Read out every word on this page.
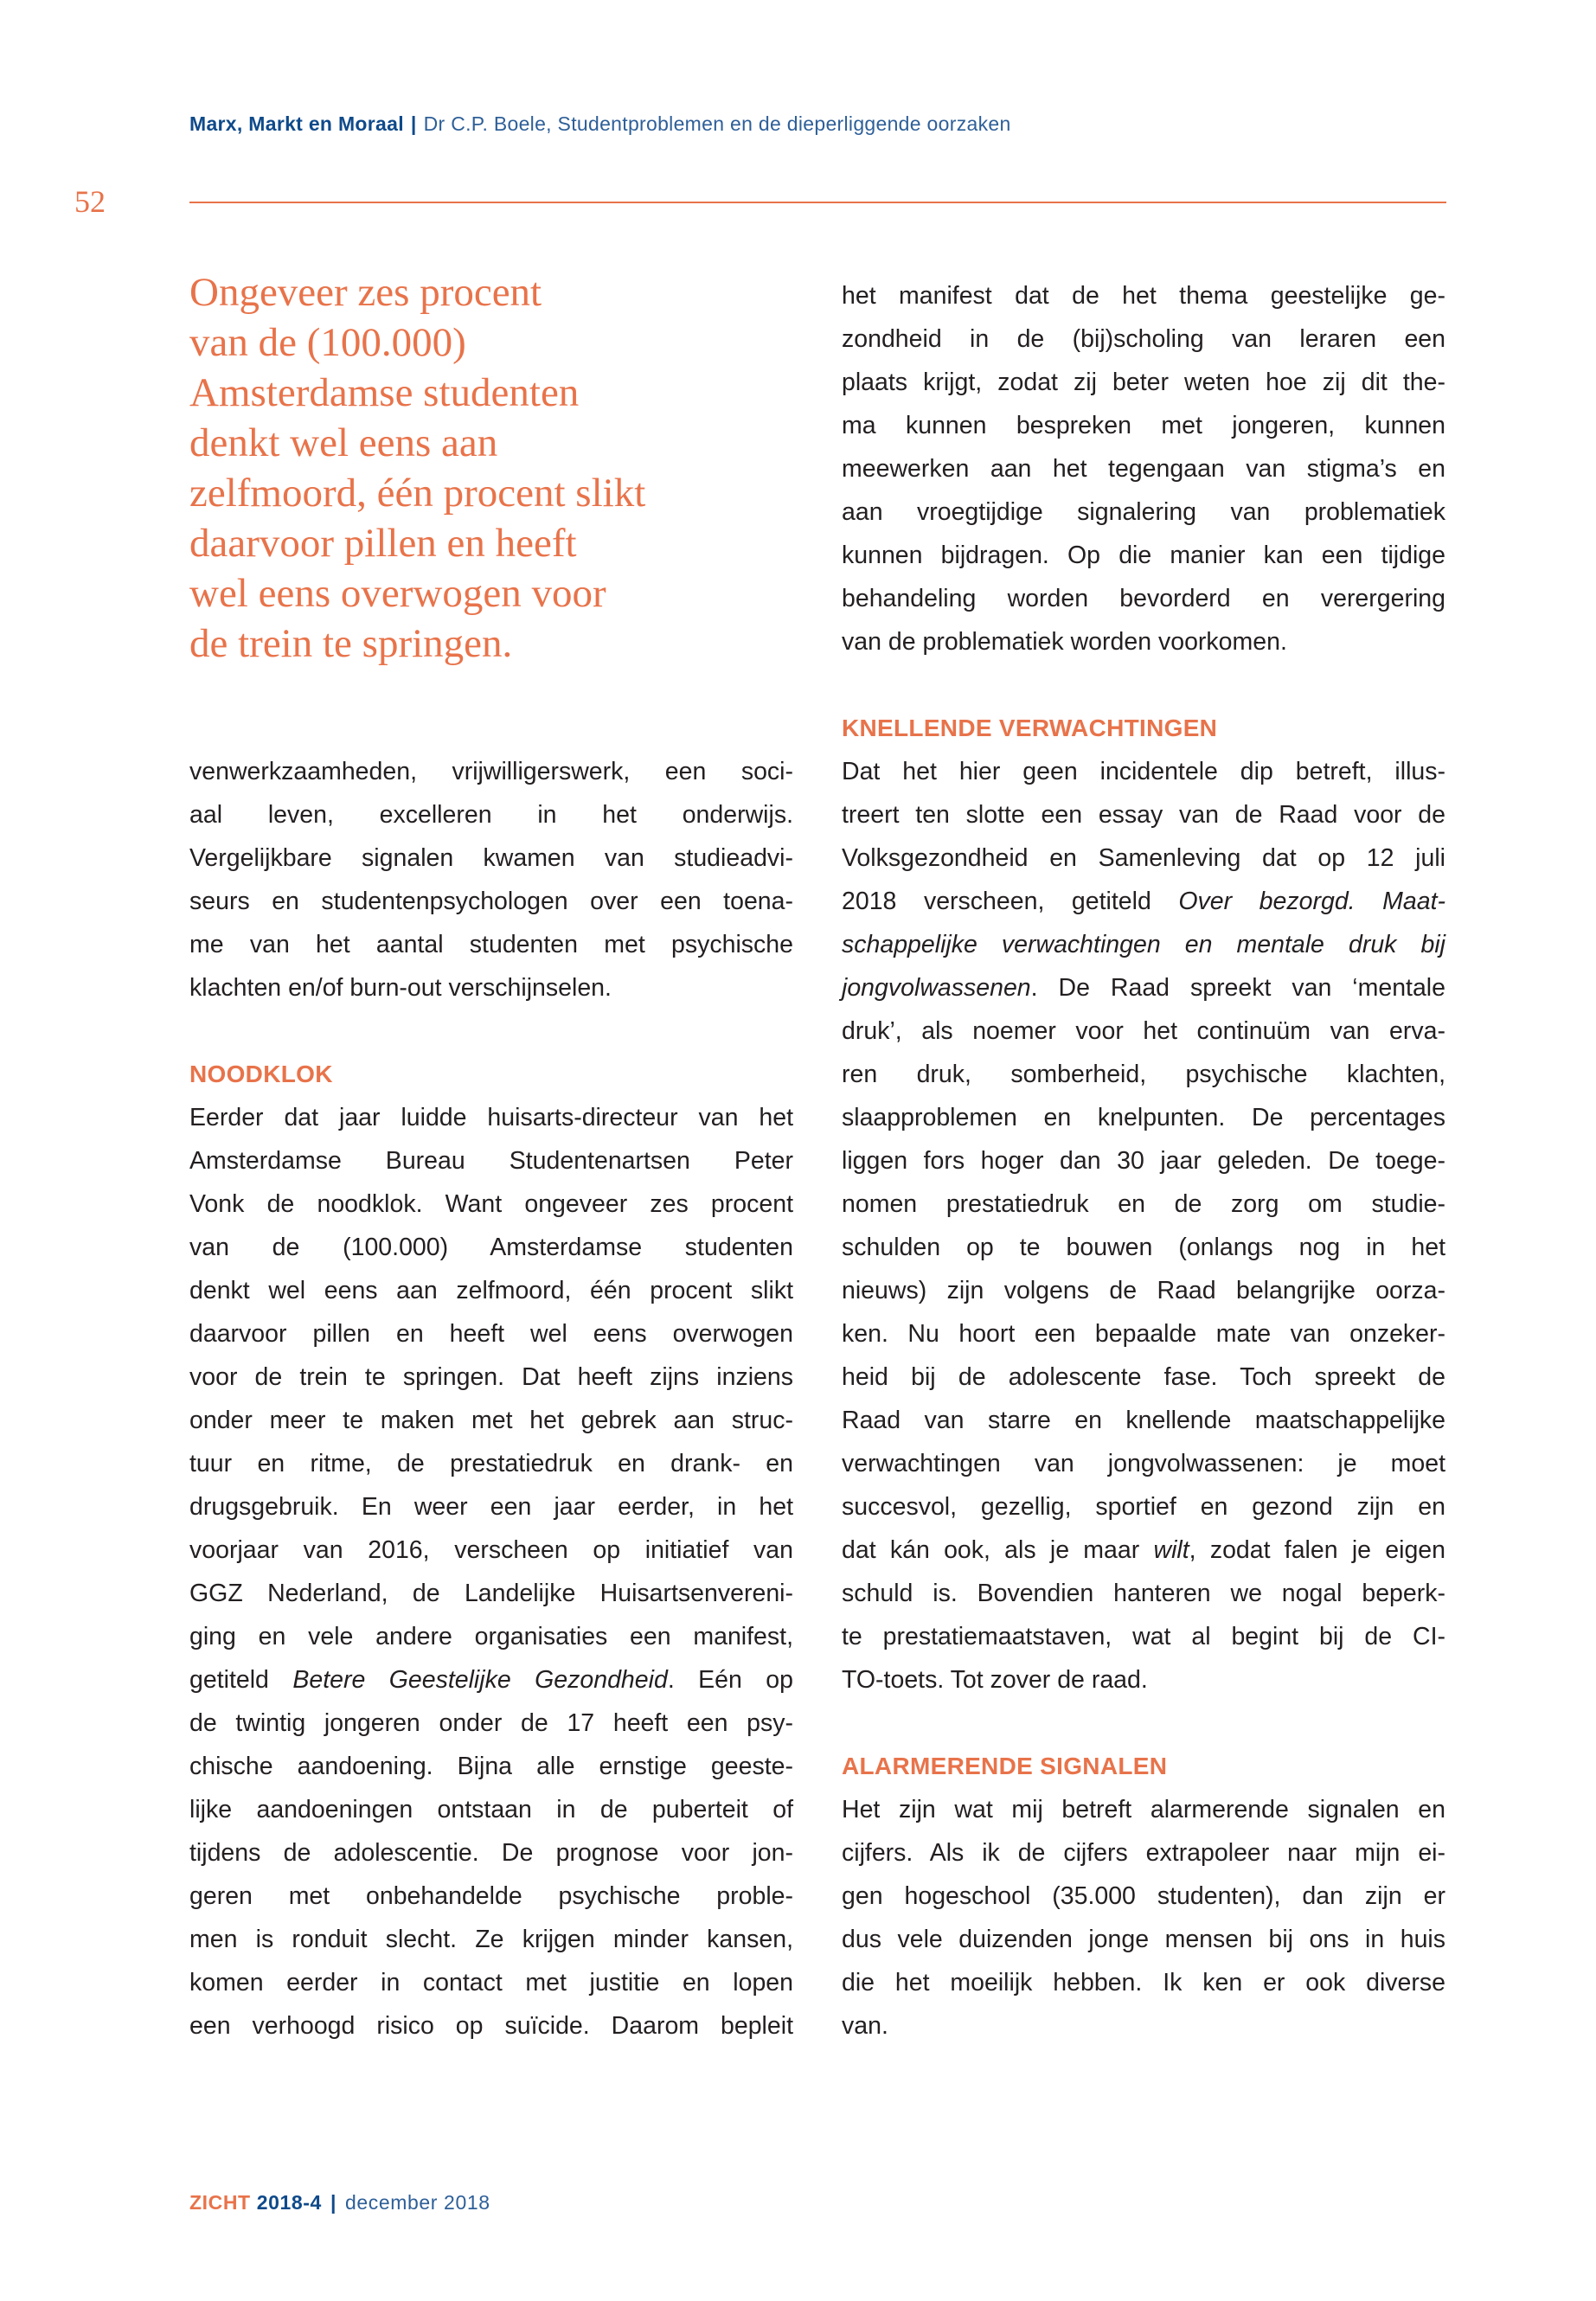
Marx, Markt en Moraal | Dr C.P. Boele, Studentproblemen en de dieperliggende oorzaken
52
Ongeveer zes procent
van de (100.000)
Amsterdamse studenten
denkt wel eens aan
zelfmoord, één procent slikt
daarvoor pillen en heeft
wel eens overwogen voor
de trein te springen.
venwerkzaamheden, vrijwilligerswerk, een soci-
aal leven, excelleren in het onderwijs.
Vergelijkbare signalen kwamen van studieadvi-
seurs en studentenpsychologen over een toena-
me van het aantal studenten met psychische
klachten en/of burn-out verschijnselen.
NOODKLOK
Eerder dat jaar luidde huisarts-directeur van het
Amsterdamse Bureau Studentenartsen Peter
Vonk de noodklok. Want ongeveer zes procent
van de (100.000) Amsterdamse studenten
denkt wel eens aan zelfmoord, één procent slikt
daarvoor pillen en heeft wel eens overwogen
voor de trein te springen. Dat heeft zijns inziens
onder meer te maken met het gebrek aan struc-
tuur en ritme, de prestatiedruk en drank- en
drugsgebruik. En weer een jaar eerder, in het
voorjaar van 2016, verscheen op initiatief van
GGZ Nederland, de Landelijke Huisartsenvereni-
ging en vele andere organisaties een manifest,
getiteld Betere Geestelijke Gezondheid. Eén op
de twintig jongeren onder de 17 heeft een psy-
chische aandoening. Bijna alle ernstige geeste-
lijke aandoeningen ontstaan in de puberteit of
tijdens de adolescentie. De prognose voor jon-
geren met onbehandelde psychische proble-
men is ronduit slecht. Ze krijgen minder kansen,
komen eerder in contact met justitie en lopen
een verhoogd risico op suïcide. Daarom bepleit
het manifest dat de het thema geestelijke ge-
zondheid in de (bij)scholing van leraren een
plaats krijgt, zodat zij beter weten hoe zij dit the-
ma kunnen bespreken met jongeren, kunnen
meewerken aan het tegengaan van stigma’s en
aan vroegtijdige signalering van problematiek
kunnen bijdragen. Op die manier kan een tijdige
behandeling worden bevorderd en verergering
van de problematiek worden voorkomen.
KNELLENDE VERWACHTINGEN
Dat het hier geen incidentele dip betreft, illus-
treert ten slotte een essay van de Raad voor de
Volksgezondheid en Samenleving dat op 12 juli
2018 verscheen, getiteld Over bezorgd. Maat-
schappelijke verwachtingen en mentale druk bij
jongvolwassenen. De Raad spreekt van ‘mentale
druk’, als noemer voor het continuüm van erva-
ren druk, somberheid, psychische klachten,
slaapproblemen en knelpunten. De percentages
liggen fors hoger dan 30 jaar geleden. De toege-
nomen prestatiedruk en de zorg om studie-
schulden op te bouwen (onlangs nog in het
nieuws) zijn volgens de Raad belangrijke oorza-
ken. Nu hoort een bepaalde mate van onzeker-
heid bij de adolescente fase. Toch spreekt de
Raad van starre en knellende maatschappelijke
verwachtingen van jongvolwassenen: je moet
succesvol, gezellig, sportief en gezond zijn en
dat kán ook, als je maar wilt, zodat falen je eigen
schuld is. Bovendien hanteren we nogal beperk-
te prestatiemaatstaven, wat al begint bij de CI-
TO-toets. Tot zover de raad.
ALARMERENDE SIGNALEN
Het zijn wat mij betreft alarmerende signalen en
cijfers. Als ik de cijfers extrapoleer naar mijn ei-
gen hogeschool (35.000 studenten), dan zijn er
dus vele duizenden jonge mensen bij ons in huis
die het moeilijk hebben. Ik ken er ook diverse
van.
ZICHT 2018-4 | december 2018
